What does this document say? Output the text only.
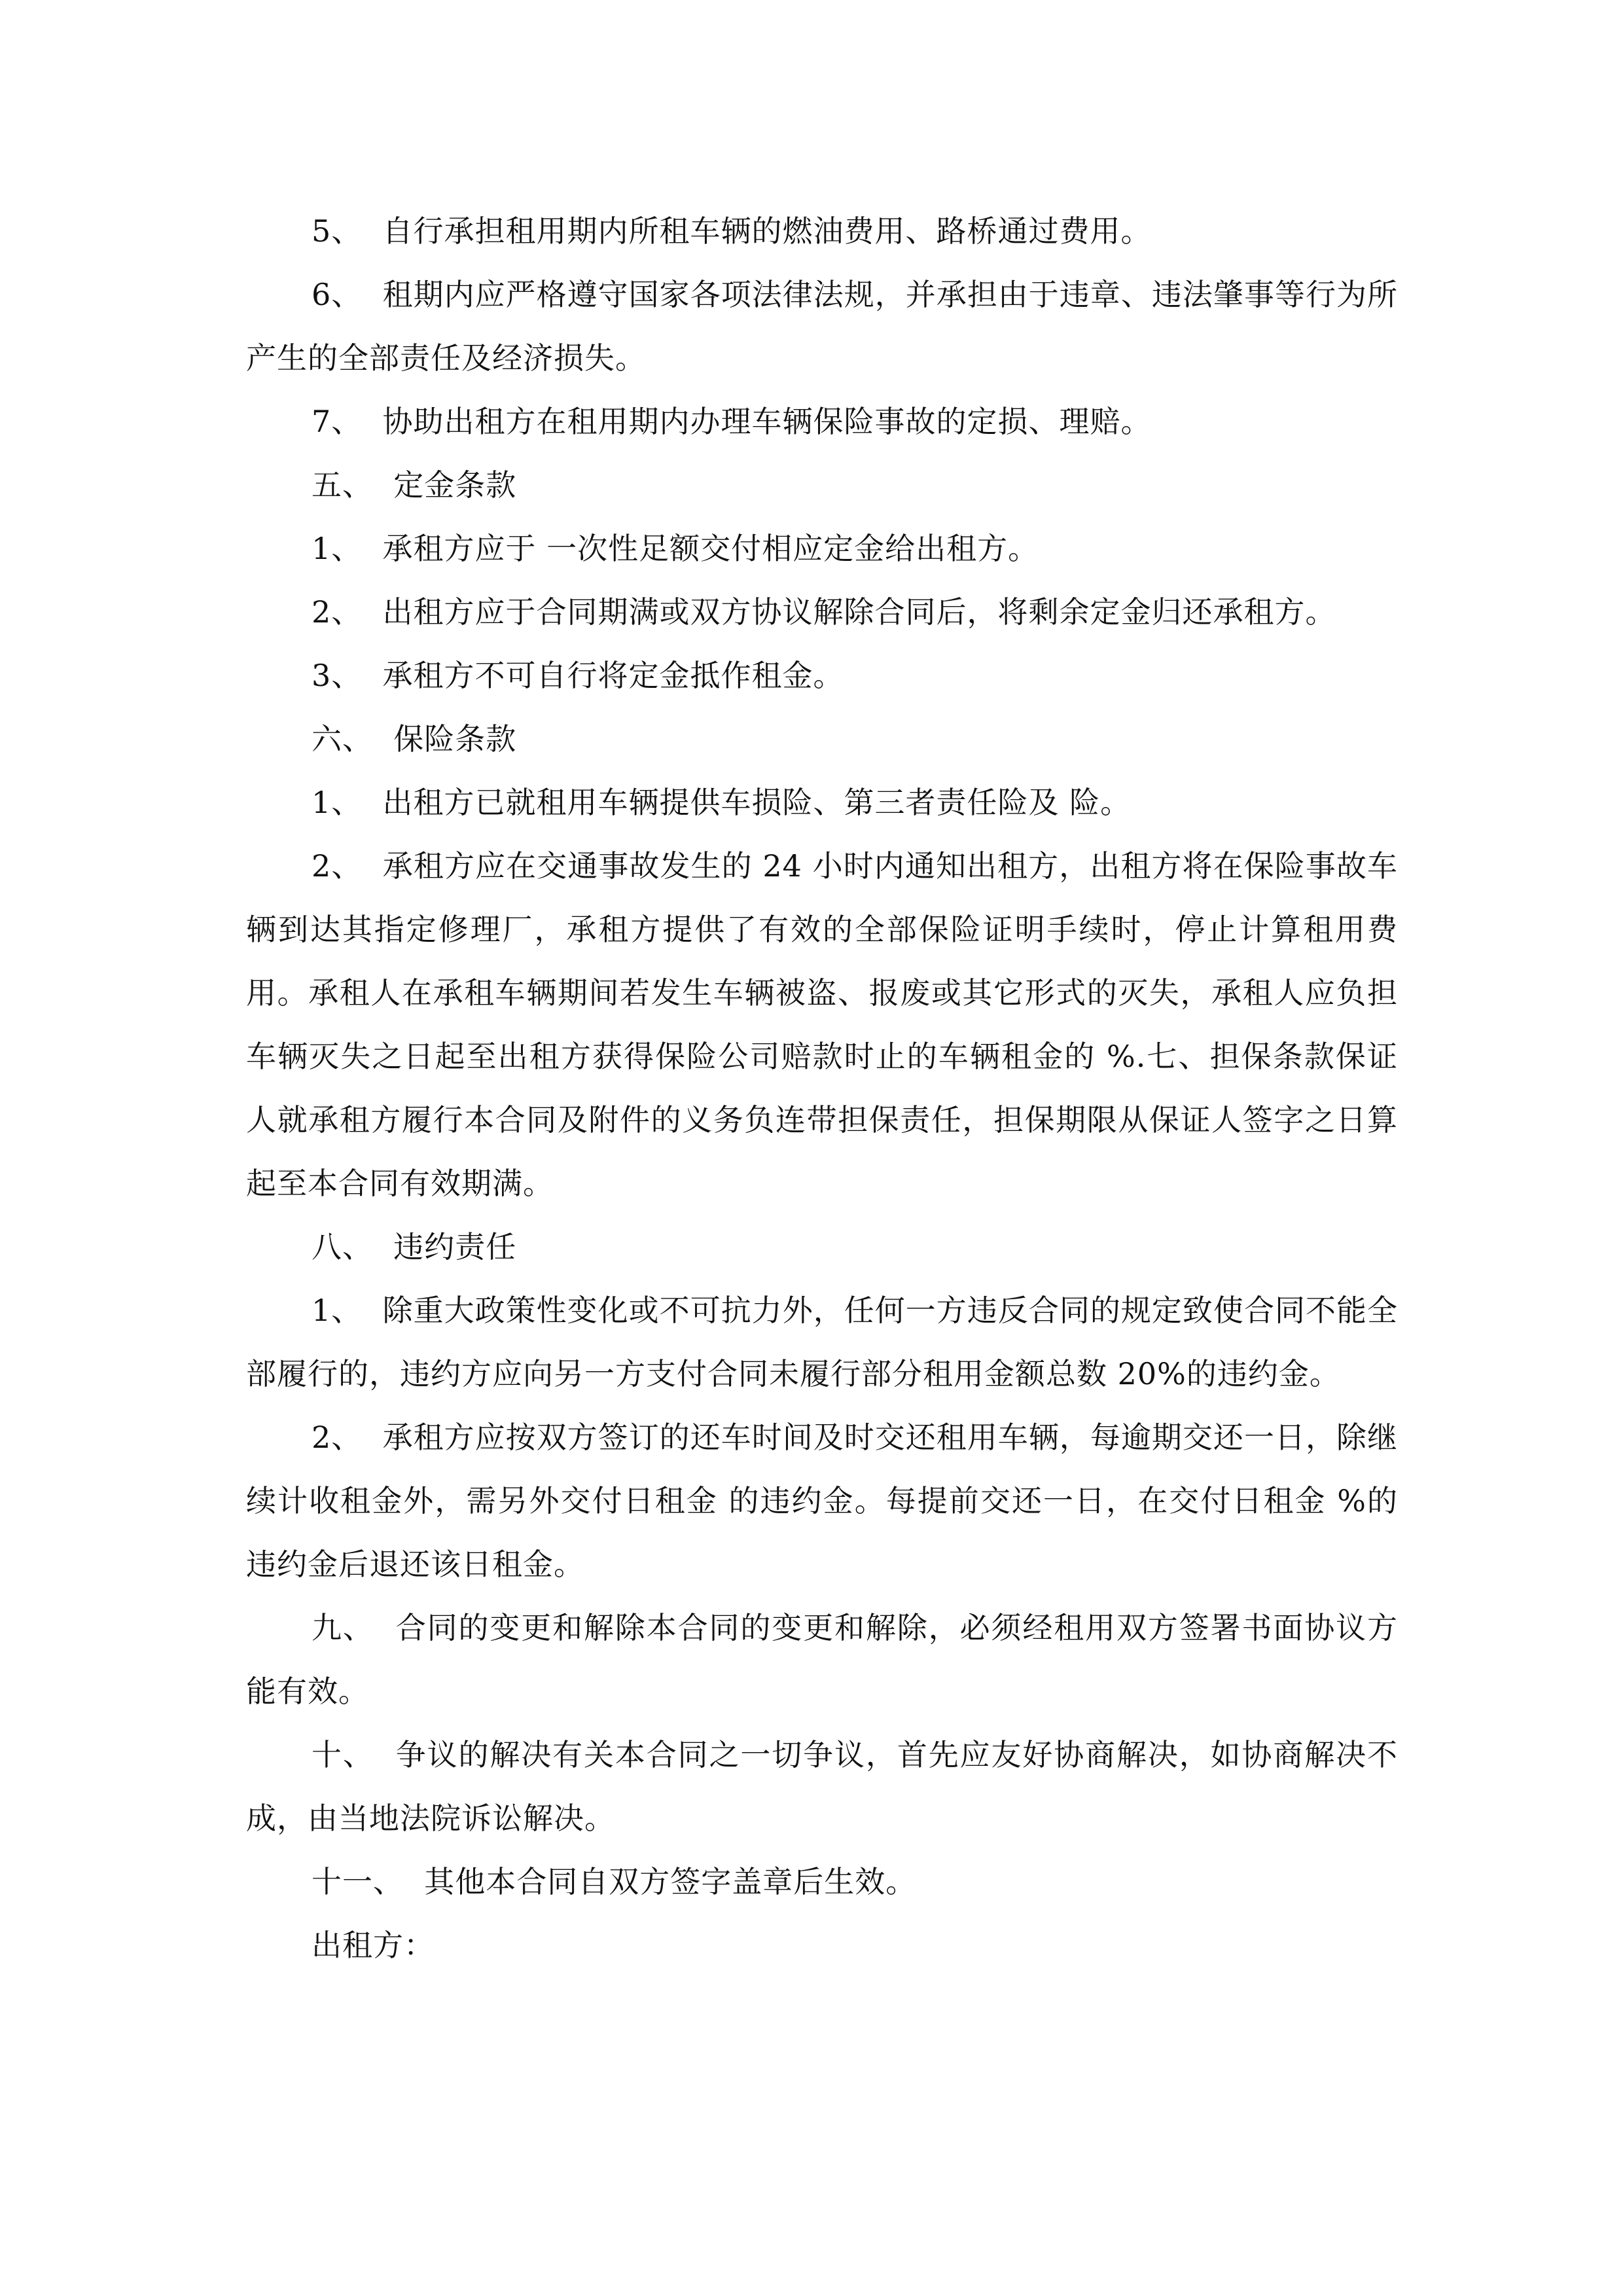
5、  自行承担租用期内所租车辆的燃油费用、路桥通过费用。

6、  租期内应严格遵守国家各项法律法规，并承担由于违章、违法肇事等行为所产生的全部责任及经济损失。

7、  协助出租方在租用期内办理车辆保险事故的定损、理赔。

五、  定金条款

1、  承租方应于 一次性足额交付相应定金给出租方。

2、  出租方应于合同期满或双方协议解除合同后，将剩余定金归还承租方。

3、  承租方不可自行将定金抵作租金。

六、  保险条款

1、  出租方已就租用车辆提供车损险、第三者责任险及 险。

2、  承租方应在交通事故发生的 24 小时内通知出租方，出租方将在保险事故车辆到达其指定修理厂，承租方提供了有效的全部保险证明手续时，停止计算租用费用。承租人在承租车辆期间若发生车辆被盗、报废或其它形式的灭失，承租人应负担车辆灭失之日起至出租方获得保险公司赔款时止的车辆租金的 %.七、担保条款保证人就承租方履行本合同及附件的义务负连带担保责任，担保期限从保证人签字之日算起至本合同有效期满。

八、  违约责任

1、  除重大政策性变化或不可抗力外，任何一方违反合同的规定致使合同不能全部履行的，违约方应向另一方支付合同未履行部分租用金额总数 20%的违约金。

2、  承租方应按双方签订的还车时间及时交还租用车辆，每逾期交还一日，除继续计收租金外，需另外交付日租金 的违约金。每提前交还一日，在交付日租金 %的违约金后退还该日租金。

九、  合同的变更和解除本合同的变更和解除，必须经租用双方签署书面协议方能有效。

十、  争议的解决有关本合同之一切争议，首先应友好协商解决，如协商解决不成，由当地法院诉讼解决。

十一、  其他本合同自双方签字盖章后生效。

出租方：
